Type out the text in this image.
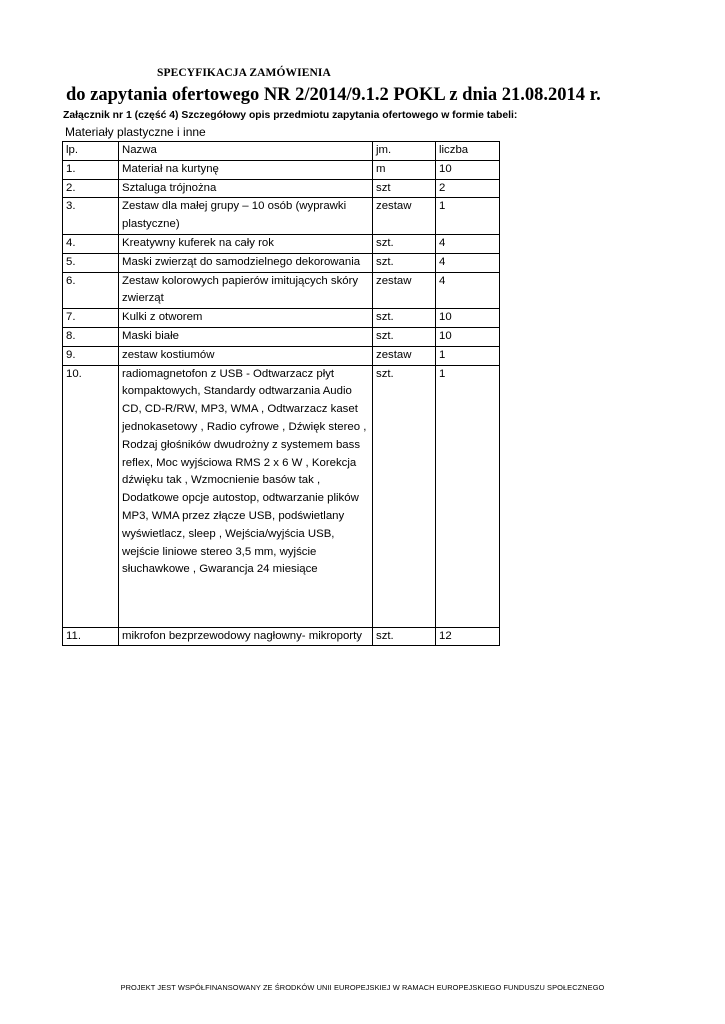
SPECYFIKACJA ZAMÓWIENIA
do zapytania ofertowego NR 2/2014/9.1.2 POKL z dnia 21.08.2014 r.
Załącznik nr 1 (część 4) Szczegółowy opis przedmiotu zapytania ofertowego w formie tabeli:
Materiały plastyczne i inne
lp.	Nazwa	jm.	liczba
1.	Materiał na kurtynę	m	10
2.	Sztaluga trójnożna	szt	2
3.	Zestaw dla małej grupy – 10 osób (wyprawki plastyczne)	zestaw	1
4.	Kreatywny kuferek na cały rok	szt.	4
5.	Maski zwierząt do samodzielnego dekorowania	szt.	4
6.	Zestaw kolorowych papierów imitujących skóry zwierząt	zestaw	4
7.	Kulki z otworem	szt.	10
8.	Maski białe	szt.	10
9.	zestaw kostiumów	zestaw	1
10.	radiomagnetofon z USB - Odtwarzacz płyt kompaktowych, Standardy odtwarzania Audio CD, CD-R/RW, MP3, WMA , Odtwarzacz kaset jednokasetowy , Radio cyfrowe , Dźwięk stereo , Rodzaj głośników dwudrożny z systemem bass reflex, Moc wyjściowa RMS 2 x 6 W , Korekcja dźwięku tak , Wzmocnienie basów tak , Dodatkowe opcje autostop, odtwarzanie plików MP3, WMA przez złącze USB, podświetlany wyświetlacz, sleep , Wejścia/wyjścia USB, wejście liniowe stereo 3,5 mm, wyjście słuchawkowe , Gwarancja 24 miesiące	szt.	1
11.	mikrofon bezprzewodowy nagłowny- mikroporty	szt.	12
PROJEKT JEST WSPÓŁFINANSOWANY ZE ŚRODKÓW UNII EUROPEJSKIEJ W RAMACH EUROPEJSKIEGO FUNDUSZU SPOŁECZNEGO
